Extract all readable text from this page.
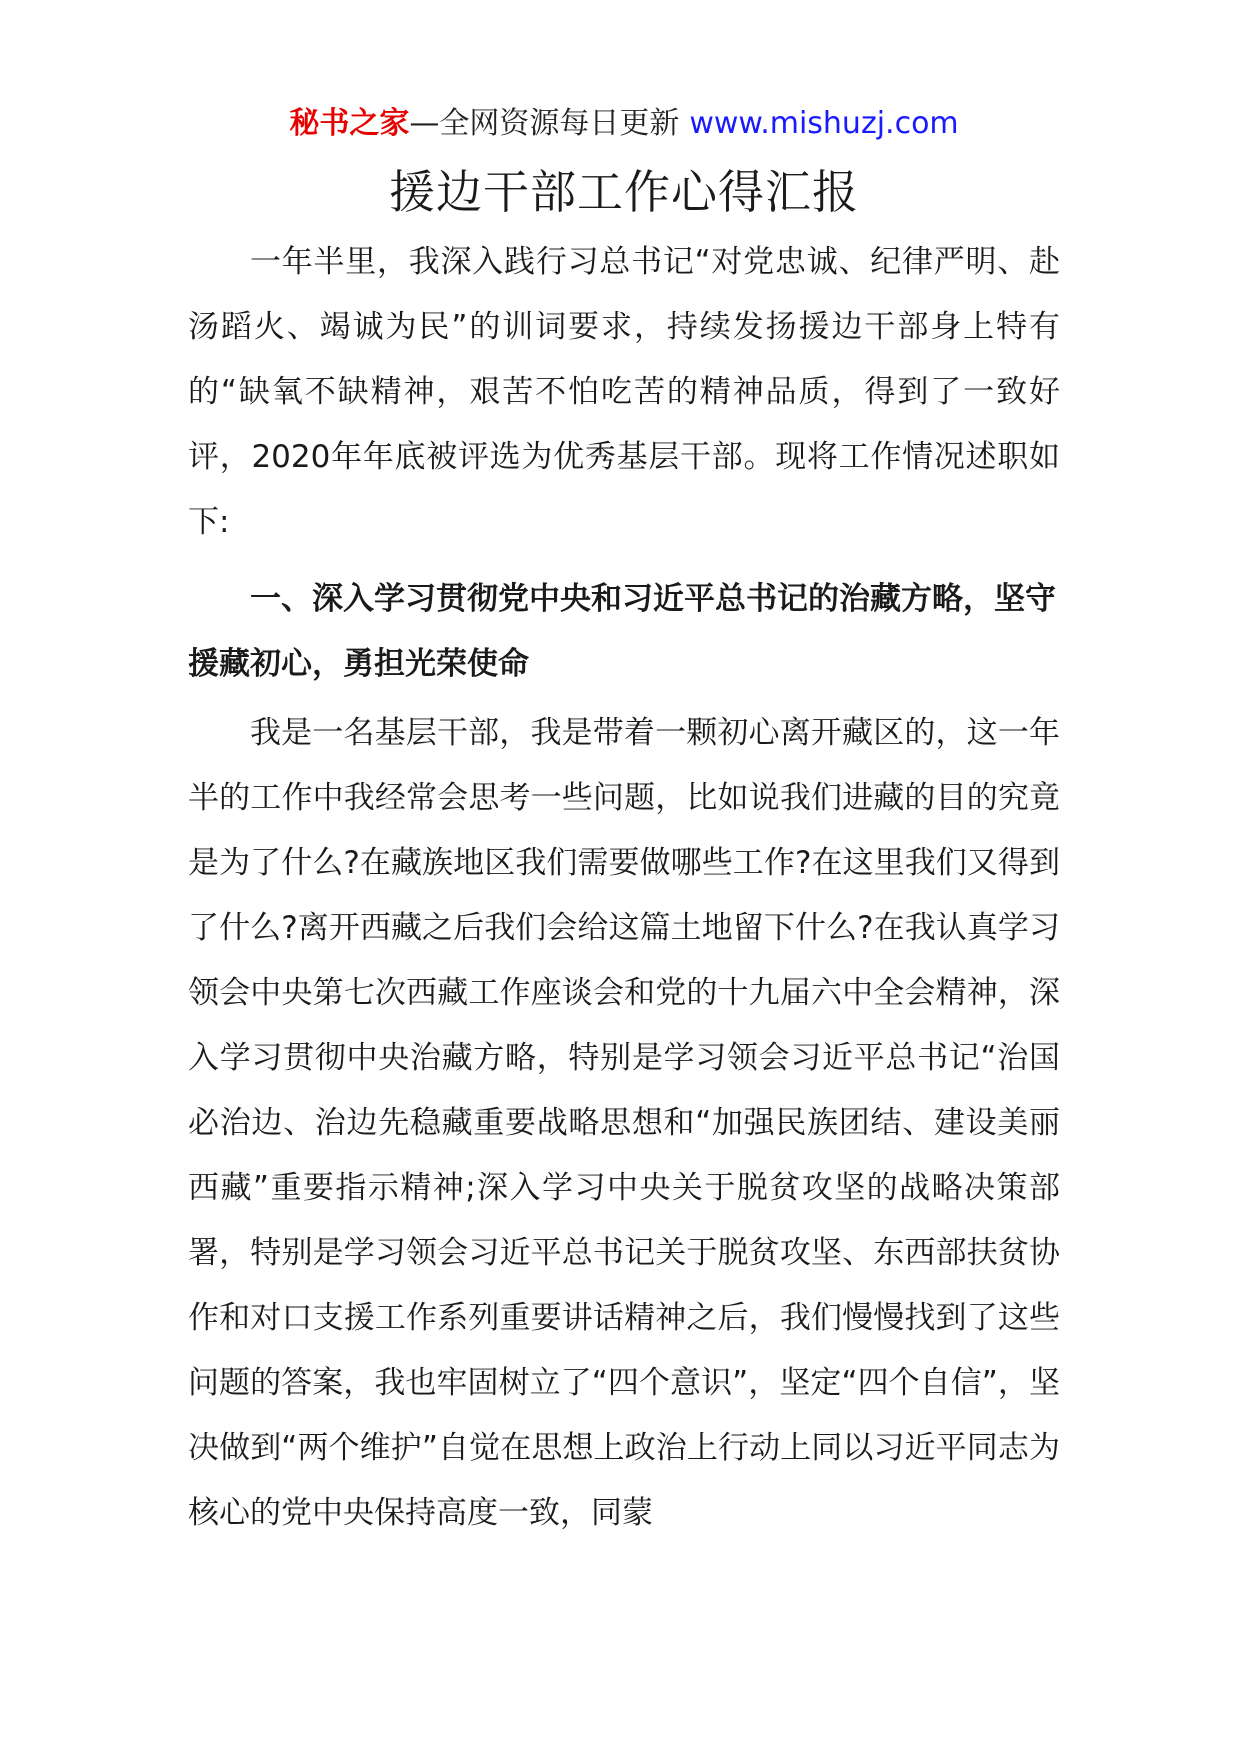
秘书之家—全网资源每日更新 www.mishuzj.com
援边干部工作心得汇报

一年半里，我深入践行习总书记“对党忠诚、纪律严明、赴汤蹈火、竭诚为民”的训词要求，持续发扬援边干部身上特有的“缺氧不缺精神，艰苦不怕吃苦的精神品质，得到了一致好评，2020年年底被评选为优秀基层干部。现将工作情况述职如下:

一、深入学习贯彻党中央和习近平总书记的治藏方略，坚守援藏初心，勇担光荣使命

我是一名基层干部，我是带着一颗初心离开藏区的，这一年半的工作中我经常会思考一些问题，比如说我们进藏的目的究竟是为了什么?在藏族地区我们需要做哪些工作?在这里我们又得到了什么?离开西藏之后我们会给这篇土地留下什么?在我认真学习领会中央第七次西藏工作座谈会和党的十九届六中全会精神，深入学习贯彻中央治藏方略，特别是学习领会习近平总书记“治国必治边、治边先稳藏重要战略思想和“加强民族团结、建设美丽西藏”重要指示精神;深入学习中央关于脱贫攻坚的战略决策部署，特别是学习领会习近平总书记关于脱贫攻坚、东西部扶贫协作和对口支援工作系列重要讲话精神之后，我们慢慢找到了这些问题的答案，我也牢固树立了“四个意识”，坚定“四个自信”，坚决做到“两个维护”自觉在思想上政治上行动上同以习近平同志为核心的党中央保持高度一致，同蒙
